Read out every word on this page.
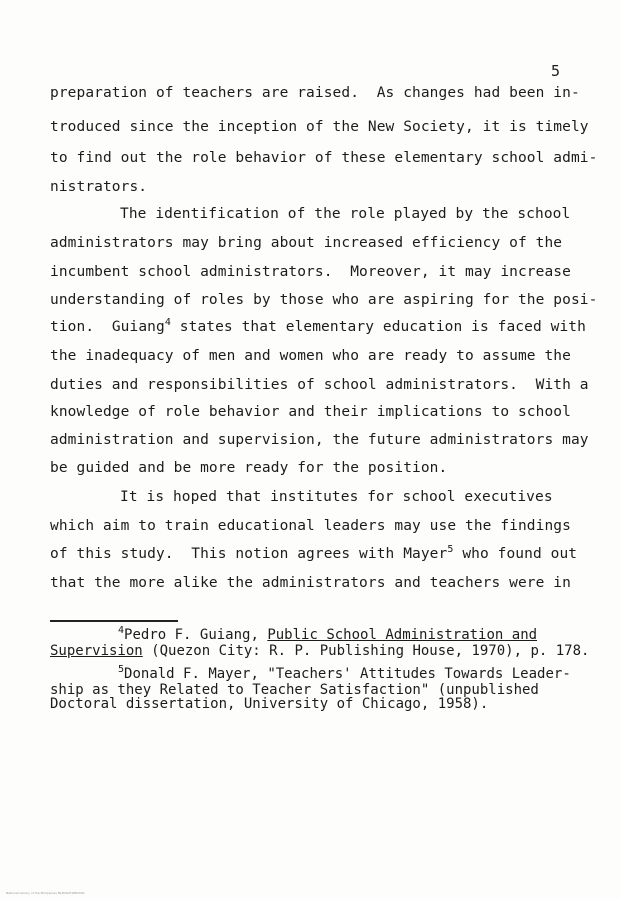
5
preparation of teachers are raised.  As changes had been in-
troduced since the inception of the New Society, it is timely
to find out the role behavior of these elementary school admi-
nistrators.
The identification of the role played by the school
administrators may bring about increased efficiency of the
incumbent school administrators.  Moreover, it may increase
understanding of roles by those who are aspiring for the posi-
tion. Guiang$^4$ states that elementary education is faced with
the inadequacy of men and women who are ready to assume the
duties and responsibilities of school administrators.  With a
knowledge of role behavior and their implications to school
administration and supervision, the future administrators may
be guided and be more ready for the position.
It is hoped that institutes for school executives
which aim to train educational leaders may use the findings
of this study.  This notion agrees with Mayer$^5$ who found out
that the more alike the administrators and teachers were in
$^4$Pedro F. Guiang, Public School Administration and
Supervision (Quezon City: R. P. Publishing House, 1970), p. 178.
$^5$Donald F. Mayer, "Teachers' Attitudes Towards Leader-
ship as they Related to Teacher Satisfaction" (unpublished
Doctoral dissertation, University of Chicago, 1958).
National Library of the Philippines NLPDIGITIZED000
